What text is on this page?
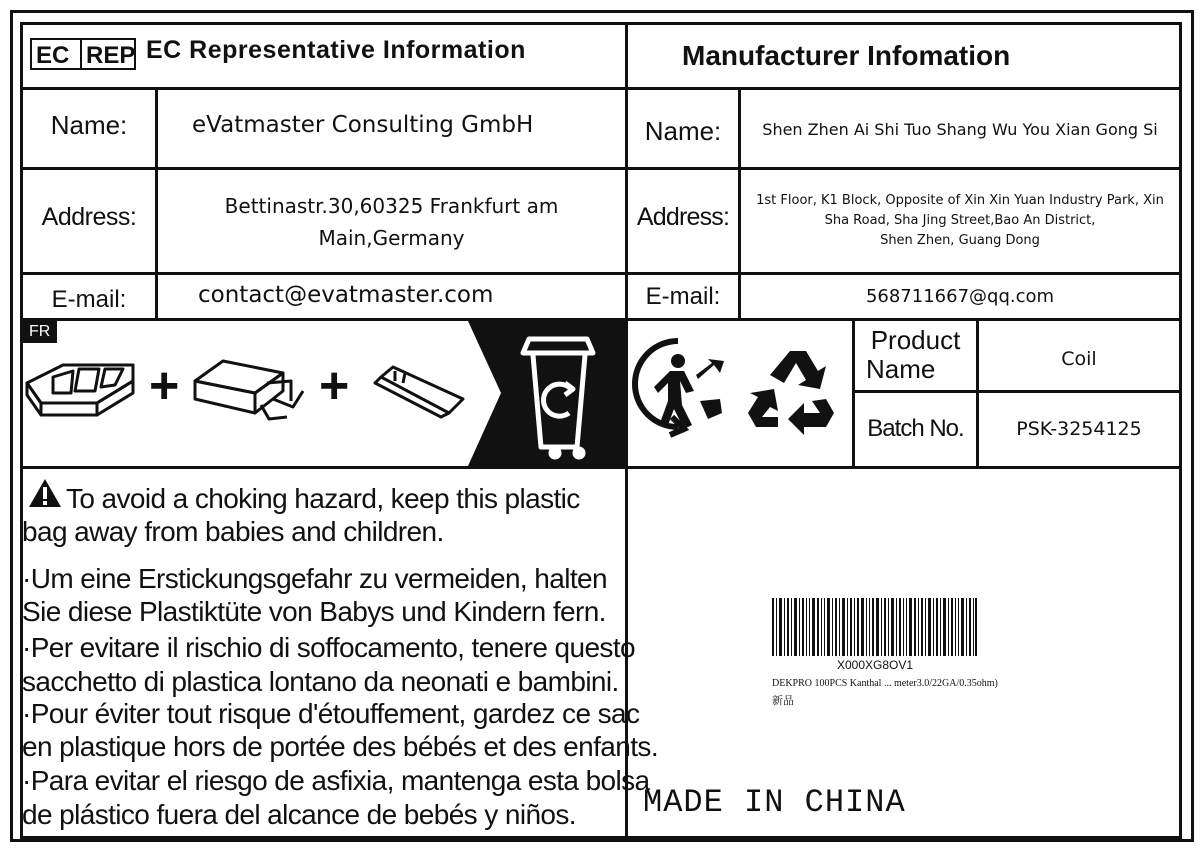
EC REP EC Representative Information	Manufacturer Infomation
Name:	eVatmaster Consulting GmbH
Address:	Bettinastr.30,60325 Frankfurt am
Main,Germany
E-mail:	contact@evatmaster.com
Name:	Shen Zhen Ai Shi Tuo Shang Wu You Xian Gong Si
Address:
1st Floor, K1 Block, Opposite of Xin Xin Yuan Industry Park, Xin
Sha Road, Sha Jing Street,Bao An District,
Shen Zhen, Guang Dong
E-mail:	568711667@qq.com
FR
+	+
Product
Name	Coil
Batch No.	PSK-3254125
To avoid a choking hazard, keep this plastic
bag away from babies and children.
·Um eine Erstickungsgefahr zu vermeiden, halten
Sie diese Plastiktüte von Babys und Kindern fern.
·Per evitare il rischio di soffocamento, tenere questo
sacchetto di plastica lontano da neonati e bambini.
·Pour éviter tout risque d'étouffement, gardez ce sac
en plastique hors de portée des bébés et des enfants.
·Para evitar el riesgo de asfixia, mantenga esta bolsa
de plástico fuera del alcance de bebés y niños.
X000XG8OV1
DEKPRO 100PCS Kanthal ... meter3.0/22GA/0.35ohm)
新品
MADE IN CHINA
